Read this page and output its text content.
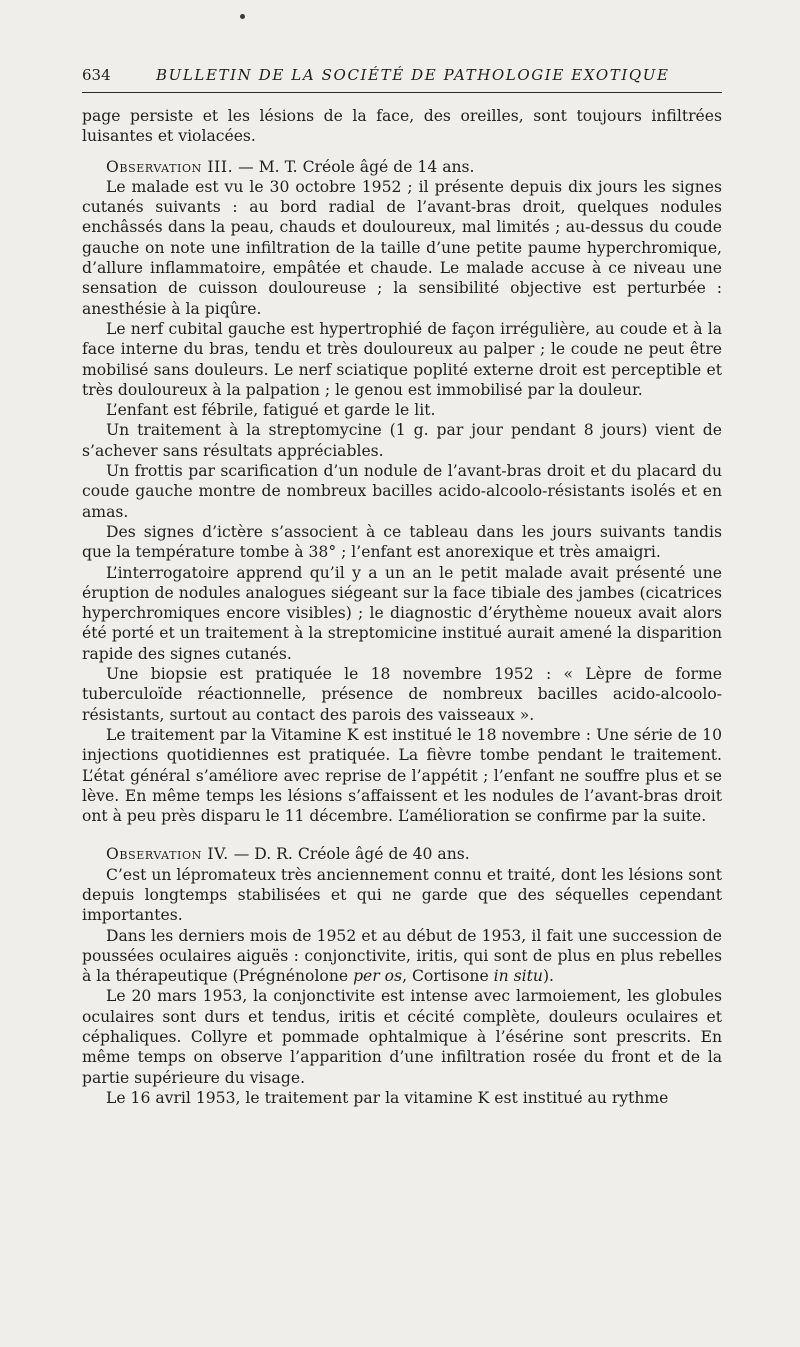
634	BULLETIN DE LA SOCIÉTÉ DE PATHOLOGIE EXOTIQUE

page persiste et les lésions de la face, des oreilles, sont toujours infiltrées luisantes et violacées.

Observation III. — M. T. Créole âgé de 14 ans.

Le malade est vu le 30 octobre 1952 ; il présente depuis dix jours les signes cutanés suivants : au bord radial de l’avant-bras droit, quelques nodules enchâssés dans la peau, chauds et douloureux, mal limités ; au-dessus du coude gauche on note une infiltration de la taille d’une petite paume hyperchromique, d’allure inflammatoire, empâtée et chaude. Le malade accuse à ce niveau une sensation de cuisson douloureuse ; la sensibilité objective est perturbée : anesthésie à la piqûre.

Le nerf cubital gauche est hypertrophié de façon irrégulière, au coude et à la face interne du bras, tendu et très douloureux au palper ; le coude ne peut être mobilisé sans douleurs. Le nerf sciatique poplité externe droit est perceptible et très douloureux à la palpation ; le genou est immobilisé par la douleur.

L’enfant est fébrile, fatigué et garde le lit.

Un traitement à la streptomycine (1 g. par jour pendant 8 jours) vient de s’achever sans résultats appréciables.

Un frottis par scarification d’un nodule de l’avant-bras droit et du placard du coude gauche montre de nombreux bacilles acido-alcoolo-résistants isolés et en amas.

Des signes d’ictère s’associent à ce tableau dans les jours suivants tandis que la température tombe à 38° ; l’enfant est anorexique et très amaigri.

L’interrogatoire apprend qu’il y a un an le petit malade avait présenté une éruption de nodules analogues siégeant sur la face tibiale des jambes (cicatrices hyperchromiques encore visibles) ; le diagnostic d’érythème noueux avait alors été porté et un traitement à la streptomicine institué aurait amené la disparition rapide des signes cutanés.

Une biopsie est pratiquée le 18 novembre 1952 : « Lèpre de forme tuberculoïde réactionnelle, présence de nombreux bacilles acido-alcoolo-résistants, surtout au contact des parois des vaisseaux ».

Le traitement par la Vitamine K est institué le 18 novembre : Une série de 10 injections quotidiennes est pratiquée. La fièvre tombe pendant le traitement. L’état général s’améliore avec reprise de l’appétit ; l’enfant ne souffre plus et se lève. En même temps les lésions s’affaissent et les nodules de l’avant-bras droit ont à peu près disparu le 11 décembre. L’amélioration se confirme par la suite.

Observation IV. — D. R. Créole âgé de 40 ans.

C’est un lépromateux très anciennement connu et traité, dont les lésions sont depuis longtemps stabilisées et qui ne garde que des séquelles cependant importantes.

Dans les derniers mois de 1952 et au début de 1953, il fait une succession de poussées oculaires aiguës : conjonctivite, iritis, qui sont de plus en plus rebelles à la thérapeutique (Prégnénolone per os, Cortisone in situ).

Le 20 mars 1953, la conjonctivite est intense avec larmoiement, les globules oculaires sont durs et tendus, iritis et cécité complète, douleurs oculaires et céphaliques. Collyre et pommade ophtalmique à l’ésérine sont prescrits. En même temps on observe l’apparition d’une infiltration rosée du front et de la partie supérieure du visage.

Le 16 avril 1953, le traitement par la vitamine K est institué au rythme
